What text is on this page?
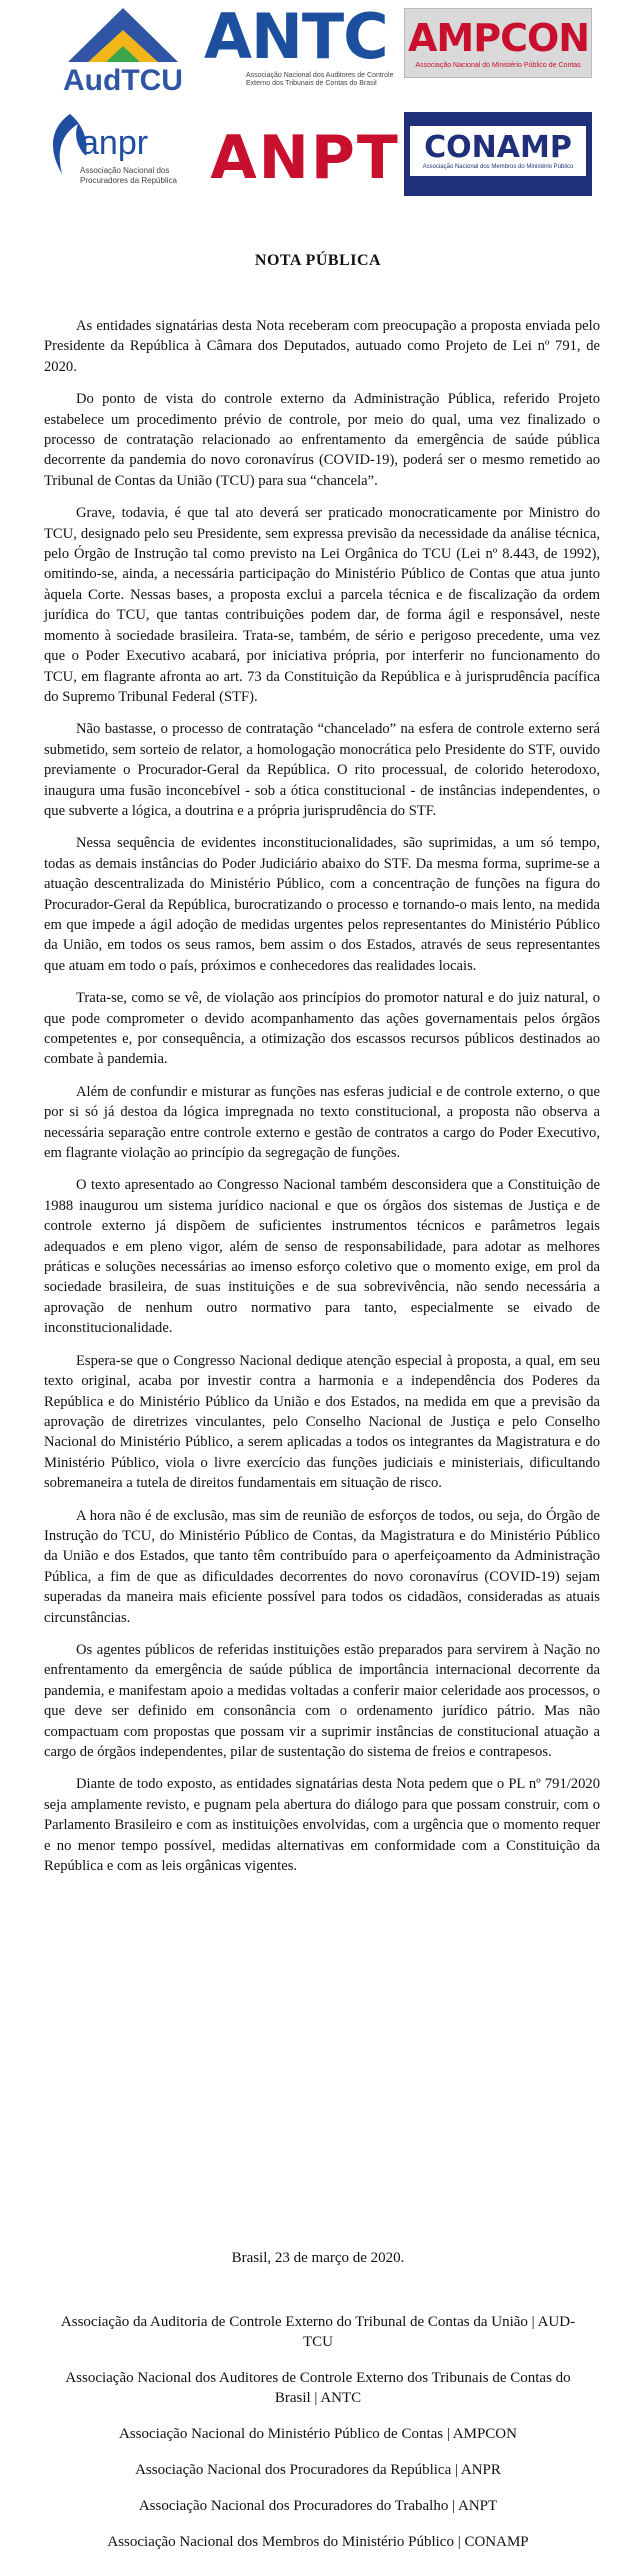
AudTCU
ANTC
Associação Nacional dos Auditores de Controle Externo dos Tribunais de Contas do Brasil
AMPCON
Associação Nacional do Ministério Público de Contas
anpr
Associação Nacional dos Procuradores da República ANPT CONAMP
Associação Nacional dos Membros do Ministério Público
NOTA PÚBLICA

As entidades signatárias desta Nota receberam com preocupação a proposta enviada pelo Presidente da República à Câmara dos Deputados, autuado como Projeto de Lei nº 791, de 2020.

Do ponto de vista do controle externo da Administração Pública, referido Projeto estabelece um procedimento prévio de controle, por meio do qual, uma vez finalizado o processo de contratação relacionado ao enfrentamento da emergência de saúde pública decorrente da pandemia do novo coronavírus (COVID-19), poderá ser o mesmo remetido ao Tribunal de Contas da União (TCU) para sua “chancela”.

Grave, todavia, é que tal ato deverá ser praticado monocraticamente por Ministro do TCU, designado pelo seu Presidente, sem expressa previsão da necessidade da análise técnica, pelo Órgão de Instrução tal como previsto na Lei Orgânica do TCU (Lei nº 8.443, de 1992), omitindo-se, ainda, a necessária participação do Ministério Público de Contas que atua junto àquela Corte. Nessas bases, a proposta exclui a parcela técnica e de fiscalização da ordem jurídica do TCU, que tantas contribuições podem dar, de forma ágil e responsável, neste momento à sociedade brasileira. Trata-se, também, de sério e perigoso precedente, uma vez que o Poder Executivo acabará, por iniciativa própria, por interferir no funcionamento do TCU, em flagrante afronta ao art. 73 da Constituição da República e à jurisprudência pacífica do Supremo Tribunal Federal (STF).

Não bastasse, o processo de contratação “chancelado” na esfera de controle externo será submetido, sem sorteio de relator, a homologação monocrática pelo Presidente do STF, ouvido previamente o Procurador-Geral da República. O rito processual, de colorido heterodoxo, inaugura uma fusão inconcebível - sob a ótica constitucional - de instâncias independentes, o que subverte a lógica, a doutrina e a própria jurisprudência do STF.

Nessa sequência de evidentes inconstitucionalidades, são suprimidas, a um só tempo, todas as demais instâncias do Poder Judiciário abaixo do STF. Da mesma forma, suprime-se a atuação descentralizada do Ministério Público, com a concentração de funções na figura do Procurador-Geral da República, burocratizando o processo e tornando-o mais lento, na medida em que impede a ágil adoção de medidas urgentes pelos representantes do Ministério Público da União, em todos os seus ramos, bem assim o dos Estados, através de seus representantes que atuam em todo o país, próximos e conhecedores das realidades locais.

Trata-se, como se vê, de violação aos princípios do promotor natural e do juiz natural, o que pode comprometer o devido acompanhamento das ações governamentais pelos órgãos competentes e, por consequência, a otimização dos escassos recursos públicos destinados ao combate à pandemia.

Além de confundir e misturar as funções nas esferas judicial e de controle externo, o que por si só já destoa da lógica impregnada no texto constitucional, a proposta não observa a necessária separação entre controle externo e gestão de contratos a cargo do Poder Executivo, em flagrante violação ao princípio da segregação de funções.

O texto apresentado ao Congresso Nacional também desconsidera que a Constituição de 1988 inaugurou um sistema jurídico nacional e que os órgãos dos sistemas de Justiça e de controle externo já dispõem de suficientes instrumentos técnicos e parâmetros legais adequados e em pleno vigor, além de senso de responsabilidade, para adotar as melhores práticas e soluções necessárias ao imenso esforço coletivo que o momento exige, em prol da sociedade brasileira, de suas instituições e de sua sobrevivência, não sendo necessária a aprovação de nenhum outro normativo para tanto, especialmente se eivado de inconstitucionalidade.

Espera-se que o Congresso Nacional dedique atenção especial à proposta, a qual, em seu texto original, acaba por investir contra a harmonia e a independência dos Poderes da República e do Ministério Público da União e dos Estados, na medida em que a previsão da aprovação de diretrizes vinculantes, pelo Conselho Nacional de Justiça e pelo Conselho Nacional do Ministério Público, a serem aplicadas a todos os integrantes da Magistratura e do Ministério Público, viola o livre exercício das funções judiciais e ministeriais, dificultando sobremaneira a tutela de direitos fundamentais em situação de risco.

A hora não é de exclusão, mas sim de reunião de esforços de todos, ou seja, do Órgão de Instrução do TCU, do Ministério Público de Contas, da Magistratura e do Ministério Público da União e dos Estados, que tanto têm contribuído para o aperfeiçoamento da Administração Pública, a fim de que as dificuldades decorrentes do novo coronavírus (COVID-19) sejam superadas da maneira mais eficiente possível para todos os cidadãos, consideradas as atuais circunstâncias.

Os agentes públicos de referidas instituições estão preparados para servirem à Nação no enfrentamento da emergência de saúde pública de importância internacional decorrente da pandemia, e manifestam apoio a medidas voltadas a conferir maior celeridade aos processos, o que deve ser definido em consonância com o ordenamento jurídico pátrio. Mas não compactuam com propostas que possam vir a suprimir instâncias de constitucional atuação a cargo de órgãos independentes, pilar de sustentação do sistema de freios e contrapesos.

Diante de todo exposto, as entidades signatárias desta Nota pedem que o PL nº 791/2020 seja amplamente revisto, e pugnam pela abertura do diálogo para que possam construir, com o Parlamento Brasileiro e com as instituições envolvidas, com a urgência que o momento requer e no menor tempo possível, medidas alternativas em conformidade com a Constituição da República e com as leis orgânicas vigentes.

Brasil, 23 de março de 2020.
Associação da Auditoria de Controle Externo do Tribunal de Contas da União | AUD-TCU
Associação Nacional dos Auditores de Controle Externo dos Tribunais de Contas do Brasil | ANTC
Associação Nacional do Ministério Público de Contas | AMPCON
Associação Nacional dos Procuradores da República | ANPR
Associação Nacional dos Procuradores do Trabalho | ANPT
Associação Nacional dos Membros do Ministério Público | CONAMP
